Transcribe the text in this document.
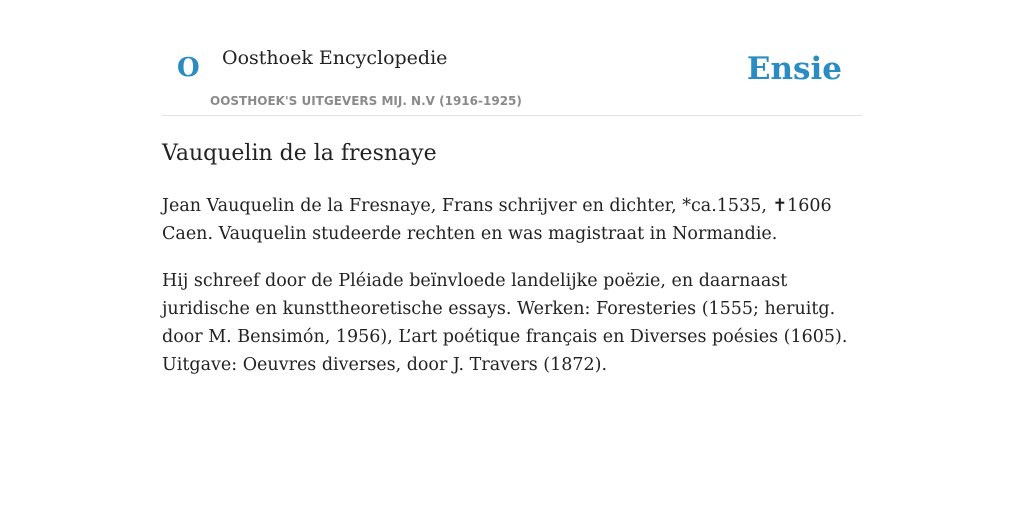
O Oosthoek Encyclopedie
OOSTHOEK'S UITGEVERS MIJ. N.V (1916-1925)
Ensie
Vauquelin de la fresnaye

Jean Vauquelin de la Fresnaye, Frans schrijver en dichter, *ca.1535, ✝1606 Caen. Vauquelin studeerde rechten en was magistraat in Normandie.

Hij schreef door de Pléiade beïnvloede landelijke poëzie, en daarnaast juridische en kunsttheoretische essays. Werken: Foresteries (1555; heruitg. door M. Bensimón, 1956), L’art poétique français en Diverses poésies (1605). Uitgave: Oeuvres diverses, door J. Travers (1872).
